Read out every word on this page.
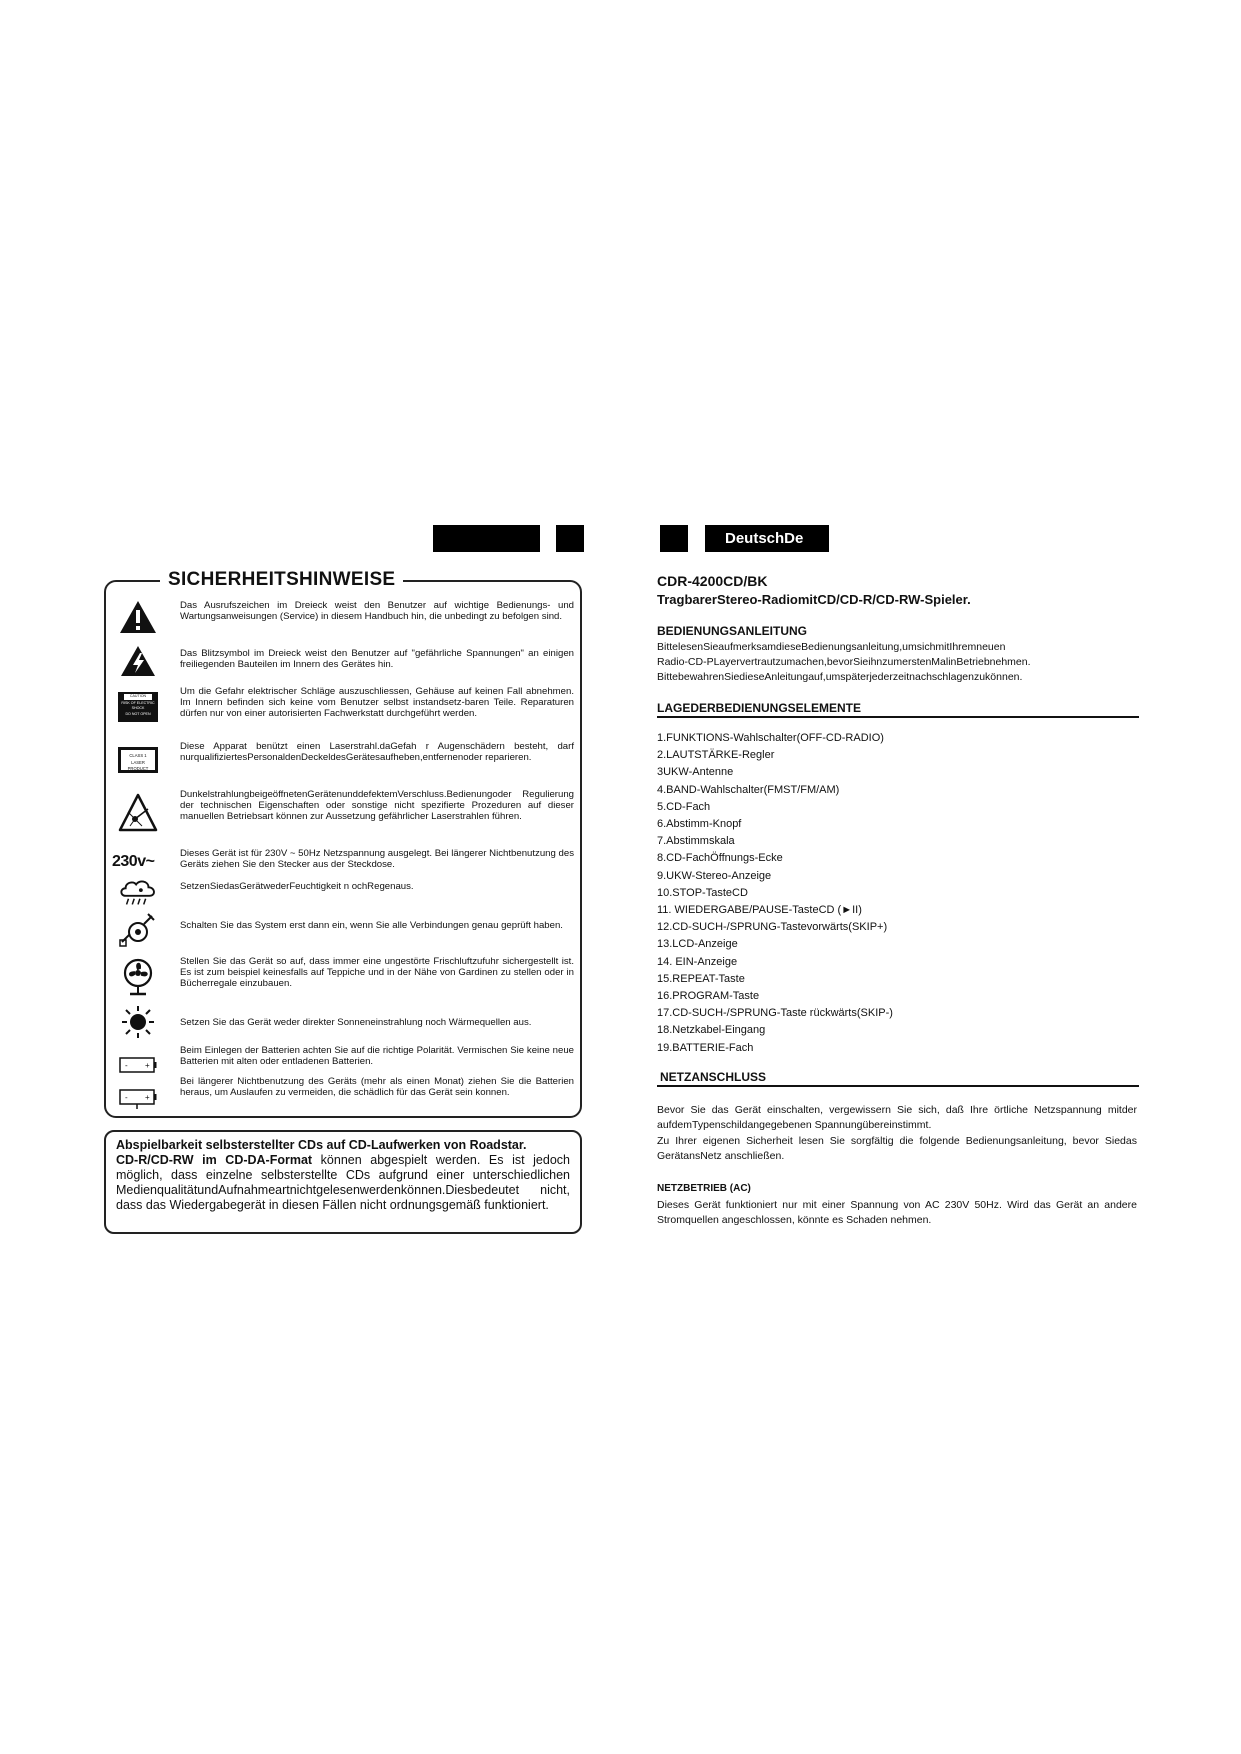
DeutschDe
SICHERHEITSHINWEISE
Das Ausrufszeichen im Dreieck weist den Benutzer auf wichtige Bedienungs- und Wartungsanweisungen (Service) in diesem Handbuch hin, die unbedingt zu befolgen sind.
Das Blitzsymbol im Dreieck weist den Benutzer auf "gefährliche Spannungen" an einigen freiliegenden Bauteilen im Innern des Gerätes hin.
CAUTION
RISK OF ELECTRIC
SHOCK
DO NOT OPEN
Um die Gefahr elektrischer Schläge auszuschliessen, Gehäuse auf keinen Fall abnehmen. Im Innern befinden sich keine vom Benutzer selbst instandsetz-baren Teile. Reparaturen dürfen nur von einer autorisierten Fachwerkstatt durchgeführt werden.
CLASS 1
LASER PRODUCT
Diese Apparat benützt einen Laserstrahl.daGefah r Augenschädern besteht, darf nurqualifiziertesPersonaldenDeckeldesGerätesaufheben,entfernenoder reparieren.
DunkelstrahlungbeigeöffnetenGerätenunddefektemVerschluss.Bedienungoder Regulierung der technischen Eigenschaften oder sonstige nicht spezifierte Prozeduren auf dieser manuellen Betriebsart können zur Aussetzung gefährlicher Laserstrahlen führen.
230v~	Dieses Gerät ist für 230V ~ 50Hz Netzspannung ausgelegt. Bei längerer Nichtbenutzung des Geräts ziehen Sie den Stecker aus der Steckdose.
SetzenSiedasGerätwederFeuchtigkeit n ochRegenaus.
Schalten Sie das System erst dann ein, wenn Sie alle Verbindungen genau geprüft haben.
Stellen Sie das Gerät so auf, dass immer eine ungestörte Frischluftzufuhr sichergestellt ist. Es ist zum beispiel keinesfalls auf Teppiche und in der Nähe von Gardinen zu stellen oder in Bücherregale einzubauen.
Setzen Sie das Gerät weder direkter Sonneneinstrahlung noch Wärmequellen aus.
- +
Beim Einlegen der Batterien achten Sie auf die richtige Polarität. Vermischen Sie keine neue Batterien mit alten oder entladenen Batterien.
- +
Bei längerer Nichtbenutzung des Geräts (mehr als einen Monat) ziehen Sie die Batterien heraus, um Auslaufen zu vermeiden, die schädlich für das Gerät sein konnen.
Abspielbarkeit selbsterstellter CDs auf CD-Laufwerken von Roadstar.
CD-R/CD-RW im CD-DA-Format können abgespielt werden. Es ist jedoch möglich, dass einzelne selbsterstellte CDs aufgrund einer unterschiedlichen MedienqualitätundAufnahmeartnichtgelesenwerdenkönnen.Diesbedeutet nicht, dass das Wiedergabegerät in diesen Fällen nicht ordnungsgemäß funktioniert.
CDR-4200CD/BK
TragbarerStereo-RadiomitCD/CD-R/CD-RW-Spieler.
BEDIENUNGSANLEITUNG
BittelesenSieaufmerksamdieseBedienungsanleitung,umsichmitIhremneuen
Radio-CD-PLayervertrautzumachen,bevorSieihnzumerstenMalinBetriebnehmen.
BittebewahrenSiedieseAnleitungauf,umspäterjederzeitnachschlagenzukönnen.
LAGEDERBEDIENUNGSELEMENTE
1.FUNKTIONS-Wahlschalter(OFF-CD-RADIO)
2.LAUTSTÄRKE-Regler
3UKW-Antenne
4.BAND-Wahlschalter(FMST/FM/AM)
5.CD-Fach
6.Abstimm-Knopf
7.Abstimmskala
8.CD-FachÖffnungs-Ecke
9.UKW-Stereo-Anzeige
10.STOP-TasteCD
11. WIEDERGABE/PAUSE-TasteCD (►II)
12.CD-SUCH-/SPRUNG-Tastevorwärts(SKIP+)
13.LCD-Anzeige
14. EIN-Anzeige
15.REPEAT-Taste
16.PROGRAM-Taste
17.CD-SUCH-/SPRUNG-Taste rückwärts(SKIP-)
18.Netzkabel-Eingang
19.BATTERIE-Fach
NETZANSCHLUSS
Bevor Sie das Gerät einschalten, vergewissern Sie sich, daß Ihre örtliche Netzspannung mitder aufdemTypenschildangegebenen Spannungübereinstimmt.
Zu Ihrer eigenen Sicherheit lesen Sie sorgfältig die folgende Bedienungsanleitung, bevor Siedas GerätansNetz anschließen.
NETZBETRIEB (AC)
Dieses Gerät funktioniert nur mit einer Spannung von AC 230V 50Hz. Wird das Gerät an andere Stromquellen angeschlossen, könnte es Schaden nehmen.
